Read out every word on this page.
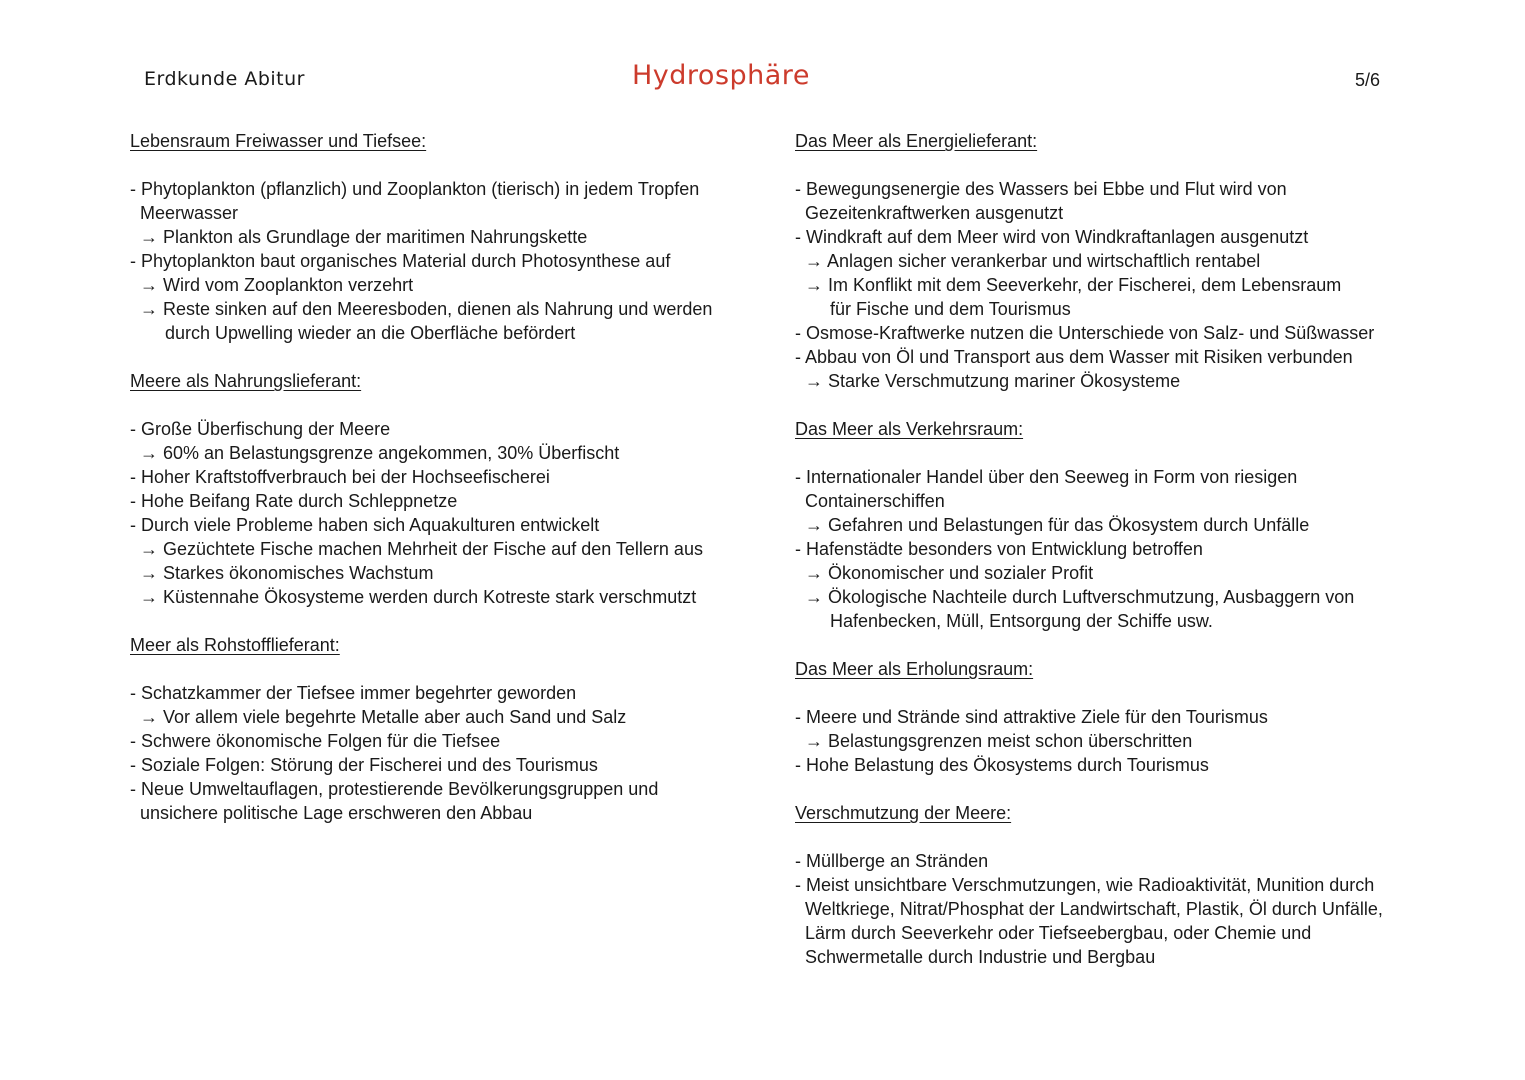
Erdkunde Abitur	Hydrosphäre	5/6
Lebensraum Freiwasser und Tiefsee:
- Phytoplankton (pflanzlich) und Zooplankton (tierisch) in jedem Tropfen
Meerwasser
→ Plankton als Grundlage der maritimen Nahrungskette
- Phytoplankton baut organisches Material durch Photosynthese auf
→ Wird vom Zooplankton verzehrt
→ Reste sinken auf den Meeresboden, dienen als Nahrung und werden
durch Upwelling wieder an die Oberfläche befördert
Meere als Nahrungslieferant:
- Große Überfischung der Meere
→ 60% an Belastungsgrenze angekommen, 30% Überfischt
- Hoher Kraftstoffverbrauch bei der Hochseefischerei
- Hohe Beifang Rate durch Schleppnetze
- Durch viele Probleme haben sich Aquakulturen entwickelt
→ Gezüchtete Fische machen Mehrheit der Fische auf den Tellern aus
→ Starkes ökonomisches Wachstum
→ Küstennahe Ökosysteme werden durch Kotreste stark verschmutzt
Meer als Rohstofflieferant:
- Schatzkammer der Tiefsee immer begehrter geworden
→ Vor allem viele begehrte Metalle aber auch Sand und Salz
- Schwere ökonomische Folgen für die Tiefsee
- Soziale Folgen: Störung der Fischerei und des Tourismus
- Neue Umweltauflagen, protestierende Bevölkerungsgruppen und
unsichere politische Lage erschweren den Abbau
Das Meer als Energielieferant:
- Bewegungsenergie des Wassers bei Ebbe und Flut wird von
Gezeitenkraftwerken ausgenutzt
- Windkraft auf dem Meer wird von Windkraftanlagen ausgenutzt
→ Anlagen sicher verankerbar und wirtschaftlich rentabel
→ Im Konflikt mit dem Seeverkehr, der Fischerei, dem Lebensraum
für Fische und dem Tourismus
- Osmose-Kraftwerke nutzen die Unterschiede von Salz- und Süßwasser
- Abbau von Öl und Transport aus dem Wasser mit Risiken verbunden
→ Starke Verschmutzung mariner Ökosysteme
Das Meer als Verkehrsraum:
- Internationaler Handel über den Seeweg in Form von riesigen
Containerschiffen
→ Gefahren und Belastungen für das Ökosystem durch Unfälle
- Hafenstädte besonders von Entwicklung betroffen
→ Ökonomischer und sozialer Profit
→ Ökologische Nachteile durch Luftverschmutzung, Ausbaggern von
Hafenbecken, Müll, Entsorgung der Schiffe usw.
Das Meer als Erholungsraum:
- Meere und Strände sind attraktive Ziele für den Tourismus
→ Belastungsgrenzen meist schon überschritten
- Hohe Belastung des Ökosystems durch Tourismus
Verschmutzung der Meere:
- Müllberge an Stränden
- Meist unsichtbare Verschmutzungen, wie Radioaktivität, Munition durch
Weltkriege, Nitrat/Phosphat der Landwirtschaft, Plastik, Öl durch Unfälle,
Lärm durch Seeverkehr oder Tiefseebergbau, oder Chemie und
Schwermetalle durch Industrie und Bergbau
